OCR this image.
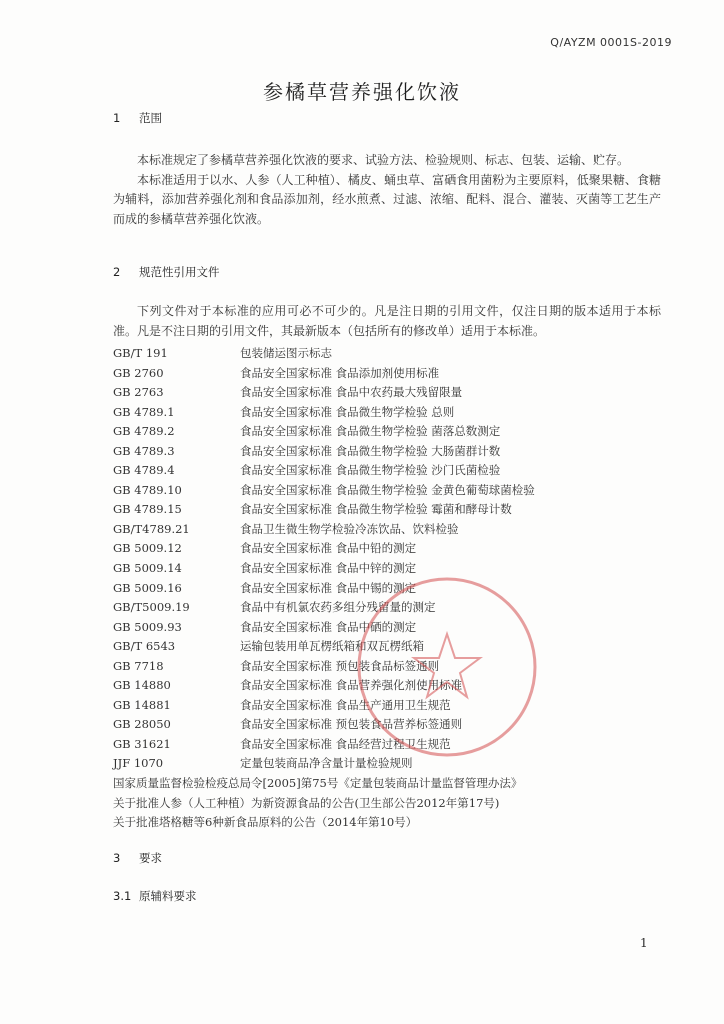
Q/AYZM 0001S-2019
参橘草营养强化饮液
1 范围

本标准规定了参橘草营养强化饮液的要求、试验方法、检验规则、标志、包装、运输、贮存。

本标准适用于以水、人参（人工种植）、橘皮、蛹虫草、富硒食用菌粉为主要原料，低聚果糖、食糖为辅料，添加营养强化剂和食品添加剂，经水煎煮、过滤、浓缩、配料、混合、灌装、灭菌等工艺生产而成的参橘草营养强化饮液。

2 规范性引用文件

下列文件对于本标准的应用可必不可少的。凡是注日期的引用文件，仅注日期的版本适用于本标准。凡是不注日期的引用文件，其最新版本（包括所有的修改单）适用于本标准。

GB/T 191	包装储运图示标志
GB 2760	食品安全国家标准 食品添加剂使用标准
GB 2763	食品安全国家标准 食品中农药最大残留限量
GB 4789.1	食品安全国家标准 食品微生物学检验 总则
GB 4789.2	食品安全国家标准 食品微生物学检验 菌落总数测定
GB 4789.3	食品安全国家标准 食品微生物学检验 大肠菌群计数
GB 4789.4	食品安全国家标准 食品微生物学检验 沙门氏菌检验
GB 4789.10	食品安全国家标准 食品微生物学检验 金黄色葡萄球菌检验
GB 4789.15	食品安全国家标准 食品微生物学检验 霉菌和酵母计数
GB/T4789.21	食品卫生微生物学检验冷冻饮品、饮料检验
GB 5009.12	食品安全国家标准 食品中铅的测定
GB 5009.14	食品安全国家标准 食品中锌的测定
GB 5009.16	食品安全国家标准 食品中锡的测定
GB/T5009.19	食品中有机氯农药多组分残留量的测定
GB 5009.93	食品安全国家标准 食品中硒的测定
GB/T 6543	运输包装用单瓦楞纸箱和双瓦楞纸箱
GB 7718	食品安全国家标准 预包装食品标签通则
GB 14880	食品安全国家标准 食品营养强化剂使用标准
GB 14881	食品安全国家标准 食品生产通用卫生规范
GB 28050	食品安全国家标准 预包装食品营养标签通则
GB 31621	食品安全国家标准 食品经营过程卫生规范
JJF 1070	定量包装商品净含量计量检验规则
国家质量监督检验检疫总局令[2005]第75号《定量包装商品计量监督管理办法》
关于批准人参（人工种植）为新资源食品的公告(卫生部公告2012年第17号)
关于批准塔格糖等6种新食品原料的公告（2014年第10号）
3 要求
3.1 原辅料要求
1
